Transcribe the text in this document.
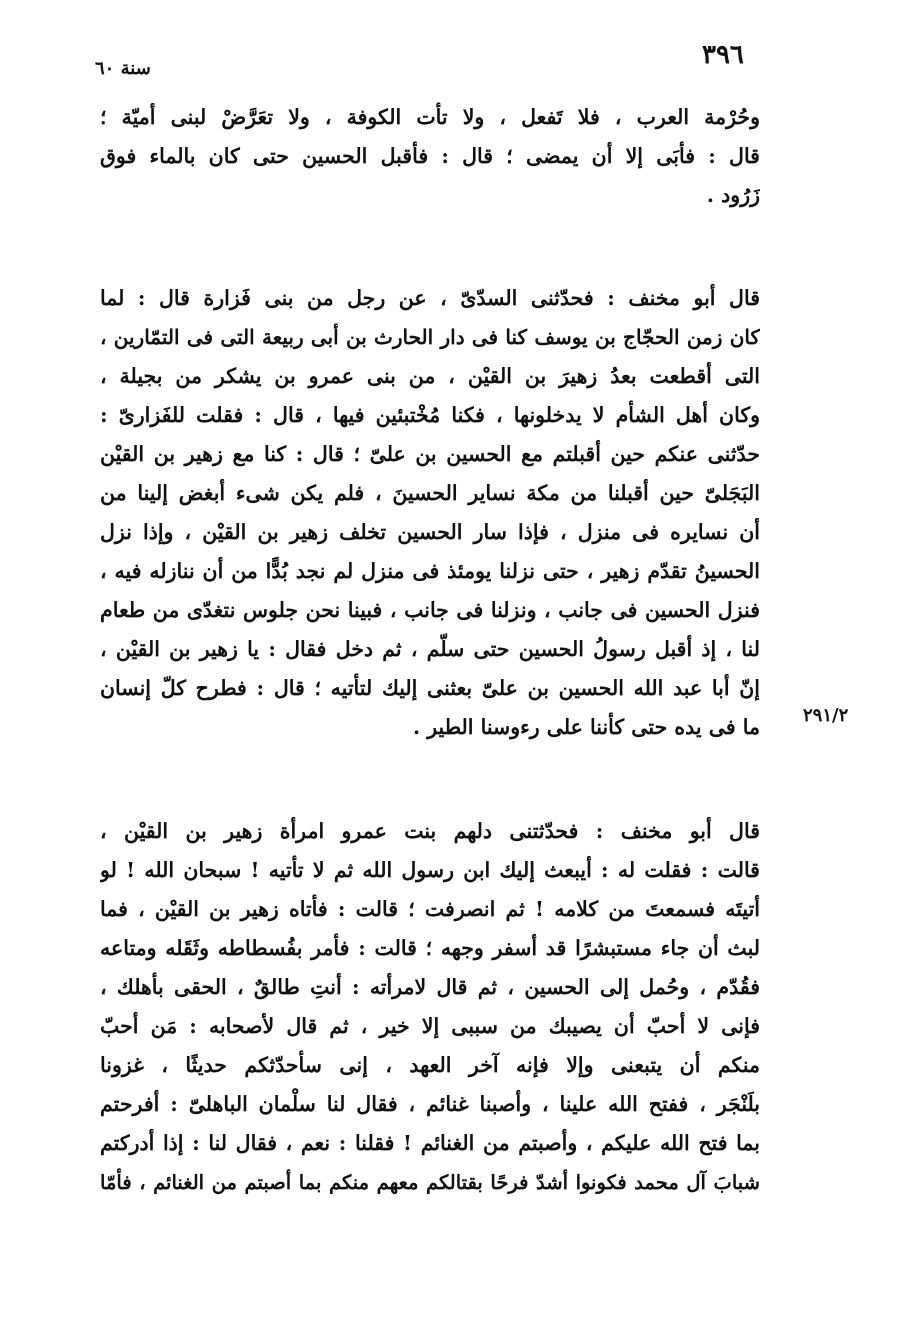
سنة ٦٠	٣٩٦
٢٩١/٢
وحُرْمة العرب ، فلا تَفعل ، ولا تأت الكوفة ، ولا تعَرَّضْ لبنى أميّة ؛
قال : فأبَى إلا أن يمضى ؛ قال : فأقبل الحسين حتى كان بالماء فوق
زَرُود .
قال أبو مخنف : فحدّثنى السدّىّ ، عن رجل من بنى فَزارة قال : لما
كان زمن الحجّاج بن يوسف كنا فى دار الحارث بن أبى ربيعة التى فى التمّارين ،
التى أقطعت بعدُ زهيرَ بن القيْن ، من بنى عمرو بن يشكر من بجيلة ،
وكان أهل الشأم لا يدخلونها ، فكنا مُخْتبئين فيها ، قال : فقلت للفَزارىّ :
حدّثنى عنكم حين أقبلتم مع الحسين بن علىّ ؛ قال : كنا مع زهير بن القيْن
البَجَلىّ حين أقبلنا من مكة نساير الحسينَ ، فلم يكن شىء أبغض إلينا من
أن نسايره فى منزل ، فإذا سار الحسين تخلف زهير بن القيْن ، وإذا نزل
الحسينُ تقدّم زهير ، حتى نزلنا يومئذ فى منزل لم نجد بُدًّا من أن ننازله فيه ،
فنزل الحسين فى جانب ، ونزلنا فى جانب ، فبينا نحن جلوس نتغدّى من طعام
لنا ، إذ أقبل رسولُ الحسين حتى سلّم ، ثم دخل فقال : يا زهير بن القيْن ،
إنّ أبا عبد الله الحسين بن علىّ بعثنى إليك لتأتيه ؛ قال : فطرح كلّ إنسان
ما فى يده حتى كأننا على رءوسنا الطير .
قال أبو مخنف : فحدّثتنى دلهم بنت عمرو امرأة زهير بن القيْن ،
قالت : فقلت له : أيبعث إليك ابن رسول الله ثم لا تأتيه ! سبحان الله ! لو
أتيتَه فسمعتَ من كلامه ! ثم انصرفت ؛ قالت : فأتاه زهير بن القيْن ، فما
لبث أن جاء مستبشرًا قد أسفر وجهه ؛ قالت : فأمر بفُسطاطه وثَقَله ومتاعه
فقُدّم ، وحُمل إلى الحسين ، ثم قال لامرأته : أنتِ طالقٌ ، الحقى بأهلك ،
فإنى لا أحبّ أن يصيبك من سببى إلا خير ، ثم قال لأصحابه : مَن أحبّ
منكم أن يتبعنى وإلا فإنه آخر العهد ، إنى سأحدّثكم حديثًا ، غزونا
بلَنْجَر ، ففتح الله علينا ، وأصبنا غنائم ، فقال لنا سلْمان الباهلىّ : أفرحتم
بما فتح الله عليكم ، وأصبتم من الغنائم ! فقلنا : نعم ، فقال لنا : إذا أدركتم
شبابَ آل محمد فكونوا أشدّ فرحًا بقتالكم معهم منكم بما أصبتم من الغنائم ، فأمّا
